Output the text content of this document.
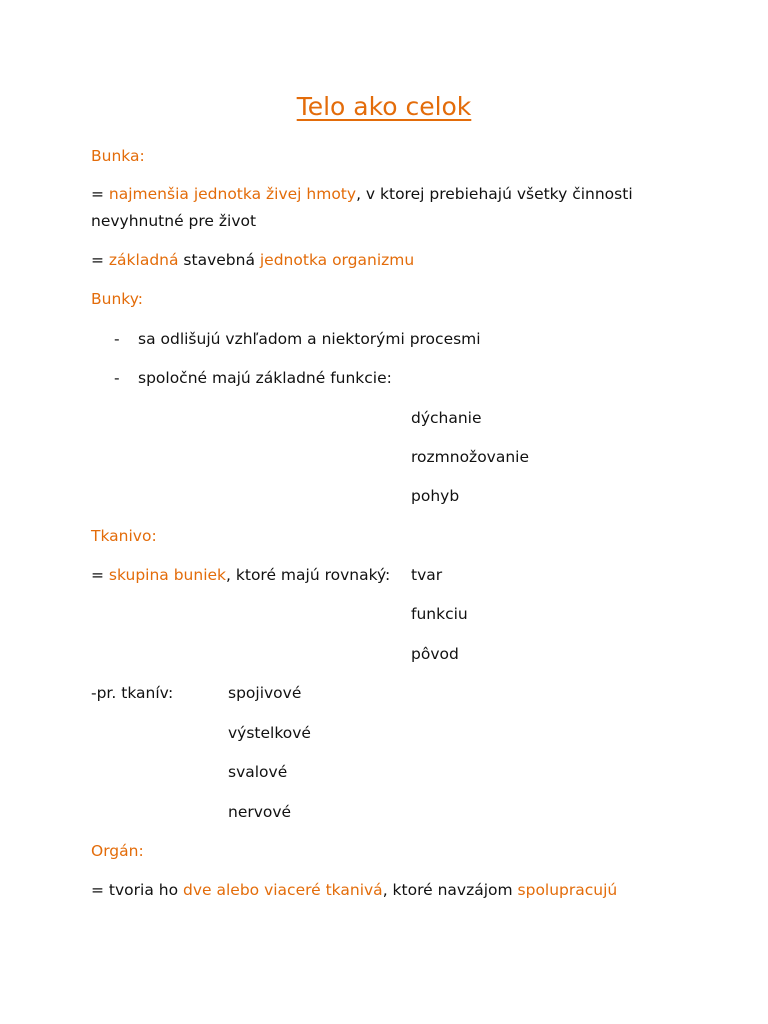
Telo ako celok
Bunka:
= najmenšia jednotka živej hmoty, v ktorej prebiehajú všetky činnosti
nevyhnutné pre život
= základná stavebná jednotka organizmu
Bunky:
- sa odlišujú vzhľadom a niektorými procesmi
- spoločné majú základné funkcie:
dýchanie
rozmnožovanie
pohyb
Tkanivo:
= skupina buniek, ktoré majú rovnaký: tvar
funkciu
pôvod
-pr. tkanív:	spojivové
výstelkové
svalové
nervové
Orgán:
= tvoria ho dve alebo viaceré tkanivá, ktoré navzájom spolupracujú
